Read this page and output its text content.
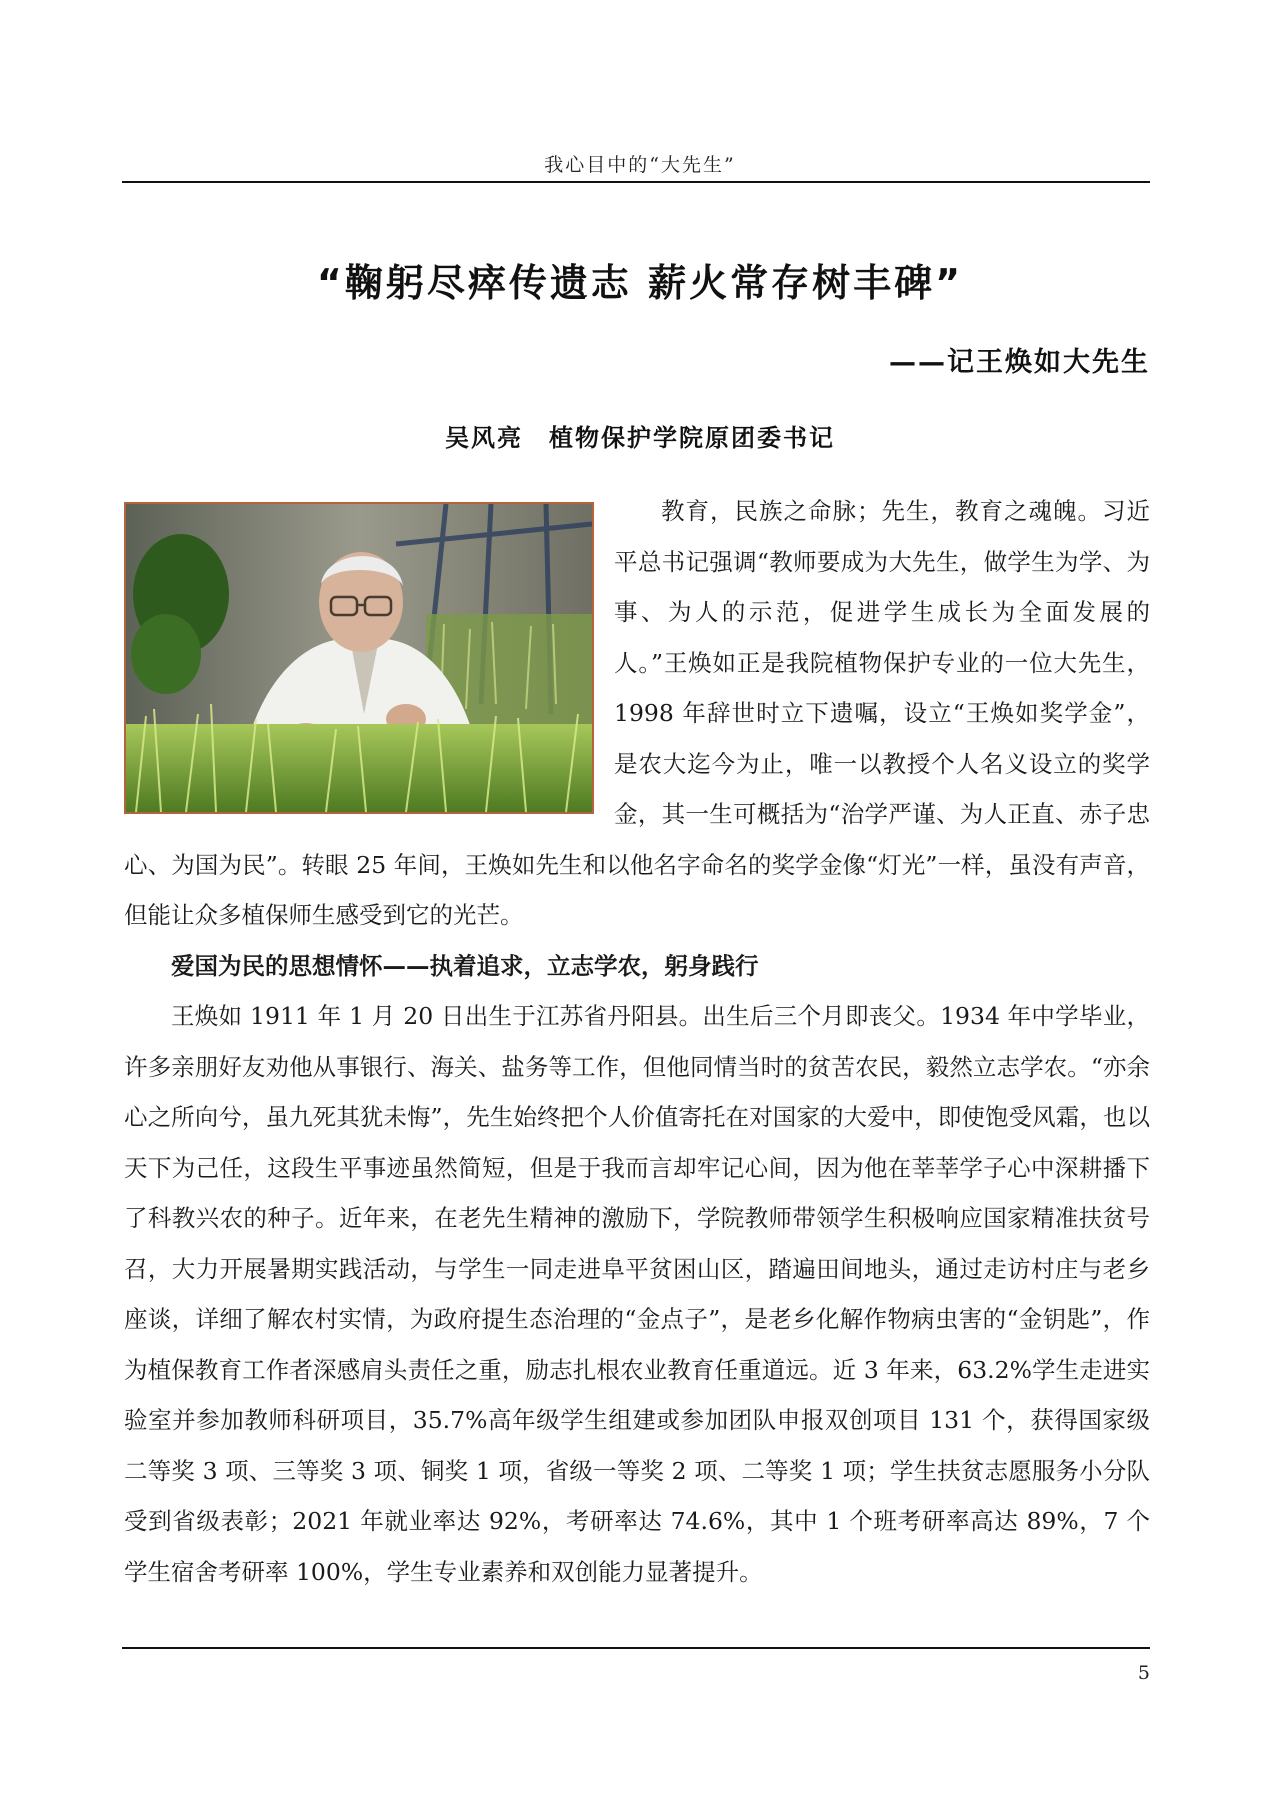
我心目中的“大先生”
“鞠躬尽瘁传遗志 薪火常存树丰碑”
——记王焕如大先生
吴风亮　植物保护学院原团委书记

教育，民族之命脉；先生，教育之魂魄。习近平总书记强调“教师要成为大先生，做学生为学、为事、为人的示范，促进学生成长为全面发展的人。”王焕如正是我院植物保护专业的一位大先生，1998 年辞世时立下遗嘱，设立“王焕如奖学金”，是农大迄今为止，唯一以教授个人名义设立的奖学金，其一生可概括为“治学严谨、为人正直、赤子忠心、为国为民”。转眼 25 年间，王焕如先生和以他名字命名的奖学金像“灯光”一样，虽没有声音，但能让众多植保师生感受到它的光芒。

爱国为民的思想情怀——执着追求，立志学农，躬身践行

王焕如 1911 年 1 月 20 日出生于江苏省丹阳县。出生后三个月即丧父。1934 年中学毕业，许多亲朋好友劝他从事银行、海关、盐务等工作，但他同情当时的贫苦农民，毅然立志学农。“亦余心之所向兮，虽九死其犹未悔”，先生始终把个人价值寄托在对国家的大爱中，即使饱受风霜，也以天下为己任，这段生平事迹虽然简短，但是于我而言却牢记心间，因为他在莘莘学子心中深耕播下了科教兴农的种子。近年来，在老先生精神的激励下，学院教师带领学生积极响应国家精准扶贫号召，大力开展暑期实践活动，与学生一同走进阜平贫困山区，踏遍田间地头，通过走访村庄与老乡座谈，详细了解农村实情，为政府提生态治理的“金点子”，是老乡化解作物病虫害的“金钥匙”，作为植保教育工作者深感肩头责任之重，励志扎根农业教育任重道远。近 3 年来，63.2%学生走进实验室并参加教师科研项目，35.7%高年级学生组建或参加团队申报双创项目 131 个，获得国家级二等奖 3 项、三等奖 3 项、铜奖 1 项，省级一等奖 2 项、二等奖 1 项；学生扶贫志愿服务小分队受到省级表彰；2021 年就业率达 92%，考研率达 74.6%，其中 1 个班考研率高达 89%，7 个学生宿舍考研率 100%，学生专业素养和双创能力显著提升。

5
